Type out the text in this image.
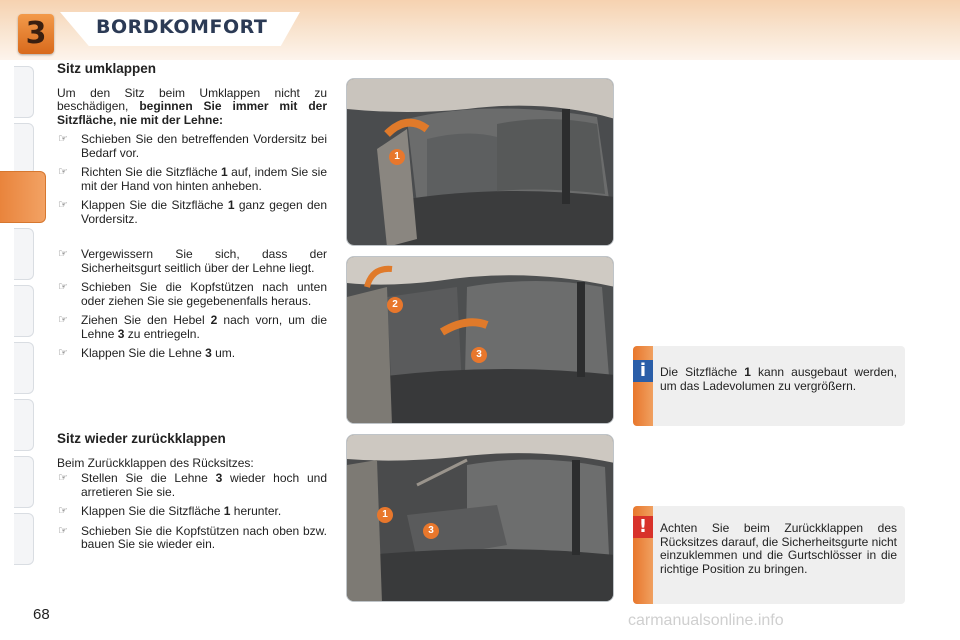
3	BORDKOMFORT
Sitz umklappen
Um den Sitz beim Umklappen nicht zu beschädigen, beginnen Sie immer mit der Sitzfläche, nie mit der Lehne:
☞ Schieben Sie den betreffenden Vordersitz bei Bedarf vor.
☞ Richten Sie die Sitzfläche 1 auf, indem Sie sie mit der Hand von hinten anheben.
☞ Klappen Sie die Sitzfläche 1 ganz gegen den Vordersitz.
☞ Vergewissern Sie sich, dass der Sicherheitsgurt seitlich über der Lehne liegt.
☞ Schieben Sie die Kopfstützen nach unten oder ziehen Sie sie gegebenenfalls heraus.
☞ Ziehen Sie den Hebel 2 nach vorn, um die Lehne 3 zu entriegeln.
☞ Klappen Sie die Lehne 3 um.
Sitz wieder zurückklappen
Beim Zurückklappen des Rücksitzes:
☞ Stellen Sie die Lehne 3 wieder hoch und arretieren Sie sie.
☞ Klappen Sie die Sitzfläche 1 herunter.
☞ Schieben Sie die Kopfstützen nach oben bzw. bauen Sie sie wieder ein.
1
2
3
1
3
i	Die Sitzfläche 1 kann ausgebaut werden, um das Ladevolumen zu vergrößern.
!	Achten Sie beim Zurückklappen des Rücksitzes darauf, die Sicherheitsgurte nicht einzuklemmen und die Gurtschlösser in die richtige Position zu bringen.
68	carmanualsonline.info
